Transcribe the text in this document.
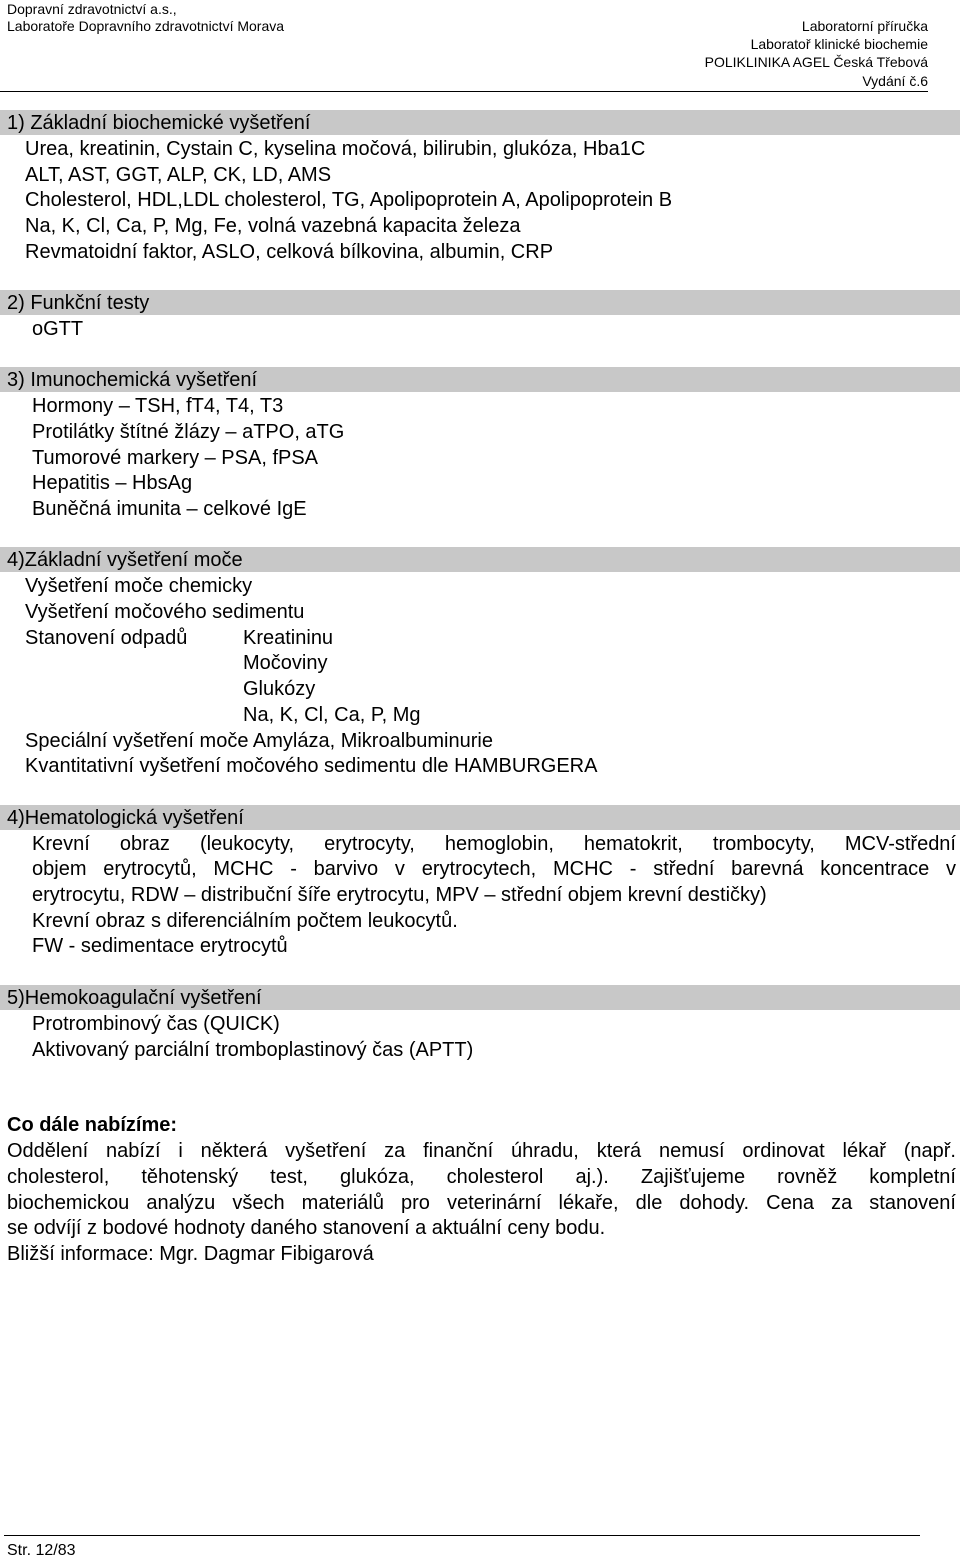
Dopravní zdravotnictví a.s.,
Laboratoře Dopravního zdravotnictví Morava	Laboratorní příručka
Laboratoř klinické biochemie
POLIKLINIKA AGEL Česká Třebová
Vydání č.6
1) Základní biochemické vyšetření
Urea, kreatinin, Cystain C, kyselina močová, bilirubin, glukóza, Hba1C
ALT, AST, GGT, ALP, CK, LD, AMS
Cholesterol, HDL,LDL cholesterol, TG, Apolipoprotein A, Apolipoprotein B
Na, K, Cl, Ca, P, Mg, Fe, volná vazebná kapacita železa
Revmatoidní faktor, ASLO, celková bílkovina, albumin, CRP
2) Funkční testy
oGTT
3) Imunochemická vyšetření
Hormony – TSH, fT4, T4, T3
Protilátky štítné žlázy – aTPO, aTG
Tumorové markery – PSA, fPSA
Hepatitis – HbsAg
Buněčná imunita – celkové IgE
4)Základní vyšetření moče
Vyšetření moče chemicky
Vyšetření močového sedimentu
Stanovení odpadů	Kreatininu
Močoviny
Glukózy
Na, K, Cl, Ca, P, Mg
Speciální vyšetření moče Amyláza, Mikroalbuminurie
Kvantitativní vyšetření močového sedimentu dle HAMBURGERA
4)Hematologická vyšetření
Krevní obraz (leukocyty, erytrocyty, hemoglobin, hematokrit, trombocyty, MCV-střední
objem erytrocytů, MCHC - barvivo v erytrocytech, MCHC - střední barevná koncentrace v
erytrocytu, RDW – distribuční šíře erytrocytu, MPV – střední objem krevní destičky)
Krevní obraz s diferenciálním počtem leukocytů.
FW - sedimentace erytrocytů
5)Hemokoagulační vyšetření
Protrombinový čas (QUICK)
Aktivovaný parciální tromboplastinový čas (APTT)
Co dále nabízíme:
Oddělení nabízí i některá vyšetření za finanční úhradu, která nemusí ordinovat lékař (např.
cholesterol, těhotenský test, glukóza, cholesterol aj.). Zajišťujeme rovněž kompletní
biochemickou analýzu všech materiálů pro veterinární lékaře, dle dohody. Cena za stanovení
se odvíjí z bodové hodnoty daného stanovení a aktuální ceny bodu.
Bližší informace: Mgr. Dagmar Fibigarová
Str. 12/83
